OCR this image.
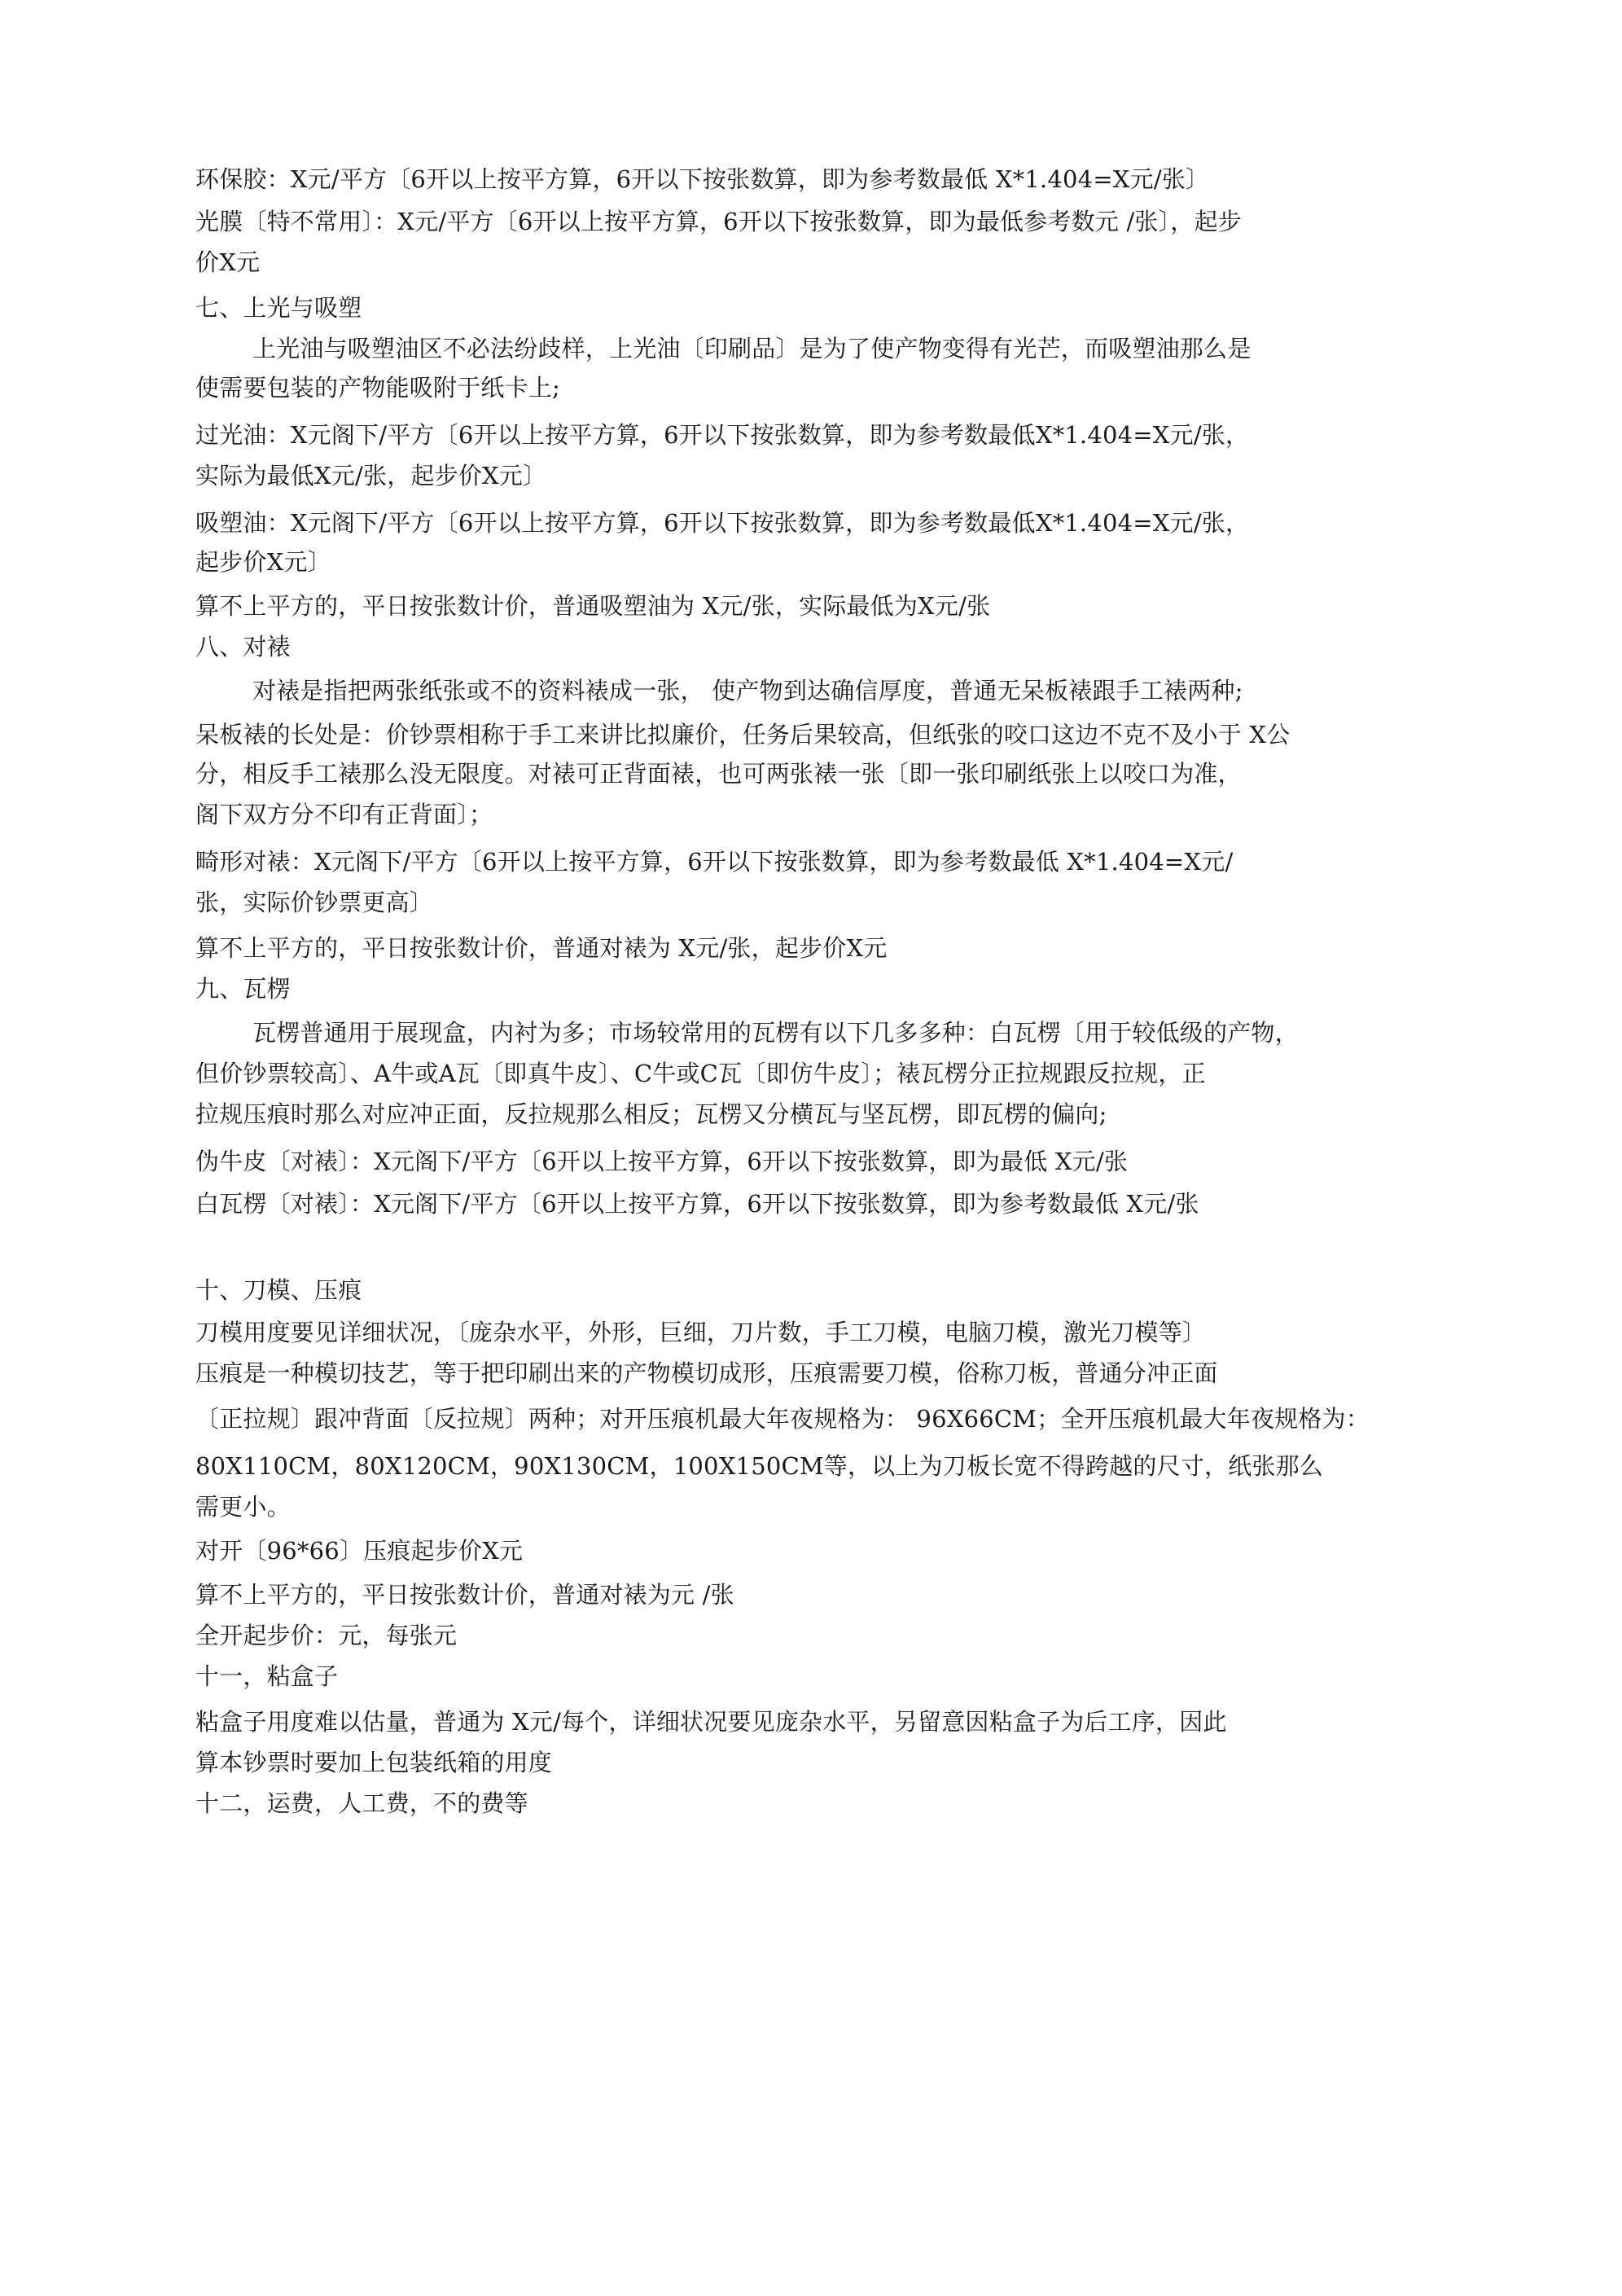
环保胶：X元/平方〔6开以上按平方算，6开以下按张数算，即为参考数最低 X*1.404=X元/张〕

光膜〔特不常用〕：X元/平方〔6开以上按平方算，6开以下按张数算，即为最低参考数元 /张〕，起步

价X元

七、上光与吸塑

上光油与吸塑油区不必法纷歧样，上光油〔印刷品〕是为了使产物变得有光芒，而吸塑油那么是

使需要包装的产物能吸附于纸卡上;

过光油：X元阁下/平方〔6开以上按平方算，6开以下按张数算，即为参考数最低X*1.404=X元/张，

实际为最低X元/张，起步价X元〕

吸塑油：X元阁下/平方〔6开以上按平方算，6开以下按张数算，即为参考数最低X*1.404=X元/张，

起步价X元〕

算不上平方的，平日按张数计价，普通吸塑油为 X元/张，实际最低为X元/张

八、对裱

对裱是指把两张纸张或不的资料裱成一张， 使产物到达确信厚度，普通无呆板裱跟手工裱两种;

呆板裱的长处是：价钞票相称于手工来讲比拟廉价，任务后果较高，但纸张的咬口这边不克不及小于 X公

分，相反手工裱那么没无限度。对裱可正背面裱，也可两张裱一张〔即一张印刷纸张上以咬口为准，

阁下双方分不印有正背面〕；

畸形对裱：X元阁下/平方〔6开以上按平方算，6开以下按张数算，即为参考数最低 X*1.404=X元/

张，实际价钞票更高〕

算不上平方的，平日按张数计价，普通对裱为 X元/张，起步价X元

九、瓦楞

瓦楞普通用于展现盒，内衬为多；市场较常用的瓦楞有以下几多多种：白瓦楞〔用于较低级的产物，

但价钞票较高〕、A牛或A瓦〔即真牛皮〕、C牛或C瓦〔即仿牛皮〕；裱瓦楞分正拉规跟反拉规，正

拉规压痕时那么对应冲正面，反拉规那么相反；瓦楞又分横瓦与坚瓦楞，即瓦楞的偏向;

伪牛皮〔对裱〕：X元阁下/平方〔6开以上按平方算，6开以下按张数算，即为最低 X元/张

白瓦楞〔对裱〕：X元阁下/平方〔6开以上按平方算，6开以下按张数算，即为参考数最低 X元/张

十、刀模、压痕

刀模用度要见详细状况，〔庞杂水平，外形，巨细，刀片数，手工刀模，电脑刀模，激光刀模等〕

压痕是一种模切技艺，等于把印刷出来的产物模切成形，压痕需要刀模，俗称刀板，普通分冲正面

〔正拉规〕跟冲背面〔反拉规〕两种；对开压痕机最大年夜规格为： 96X66CM；全开压痕机最大年夜规格为：

80X110CM，80X120CM，90X130CM，100X150CM等，以上为刀板长宽不得跨越的尺寸，纸张那么

需更小。

对开〔96*66〕压痕起步价X元

算不上平方的，平日按张数计价，普通对裱为元 /张

全开起步价：元，每张元

十一，粘盒子

粘盒子用度难以估量，普通为 X元/每个，详细状况要见庞杂水平，另留意因粘盒子为后工序，因此

算本钞票时要加上包装纸箱的用度

十二，运费，人工费，不的费等
